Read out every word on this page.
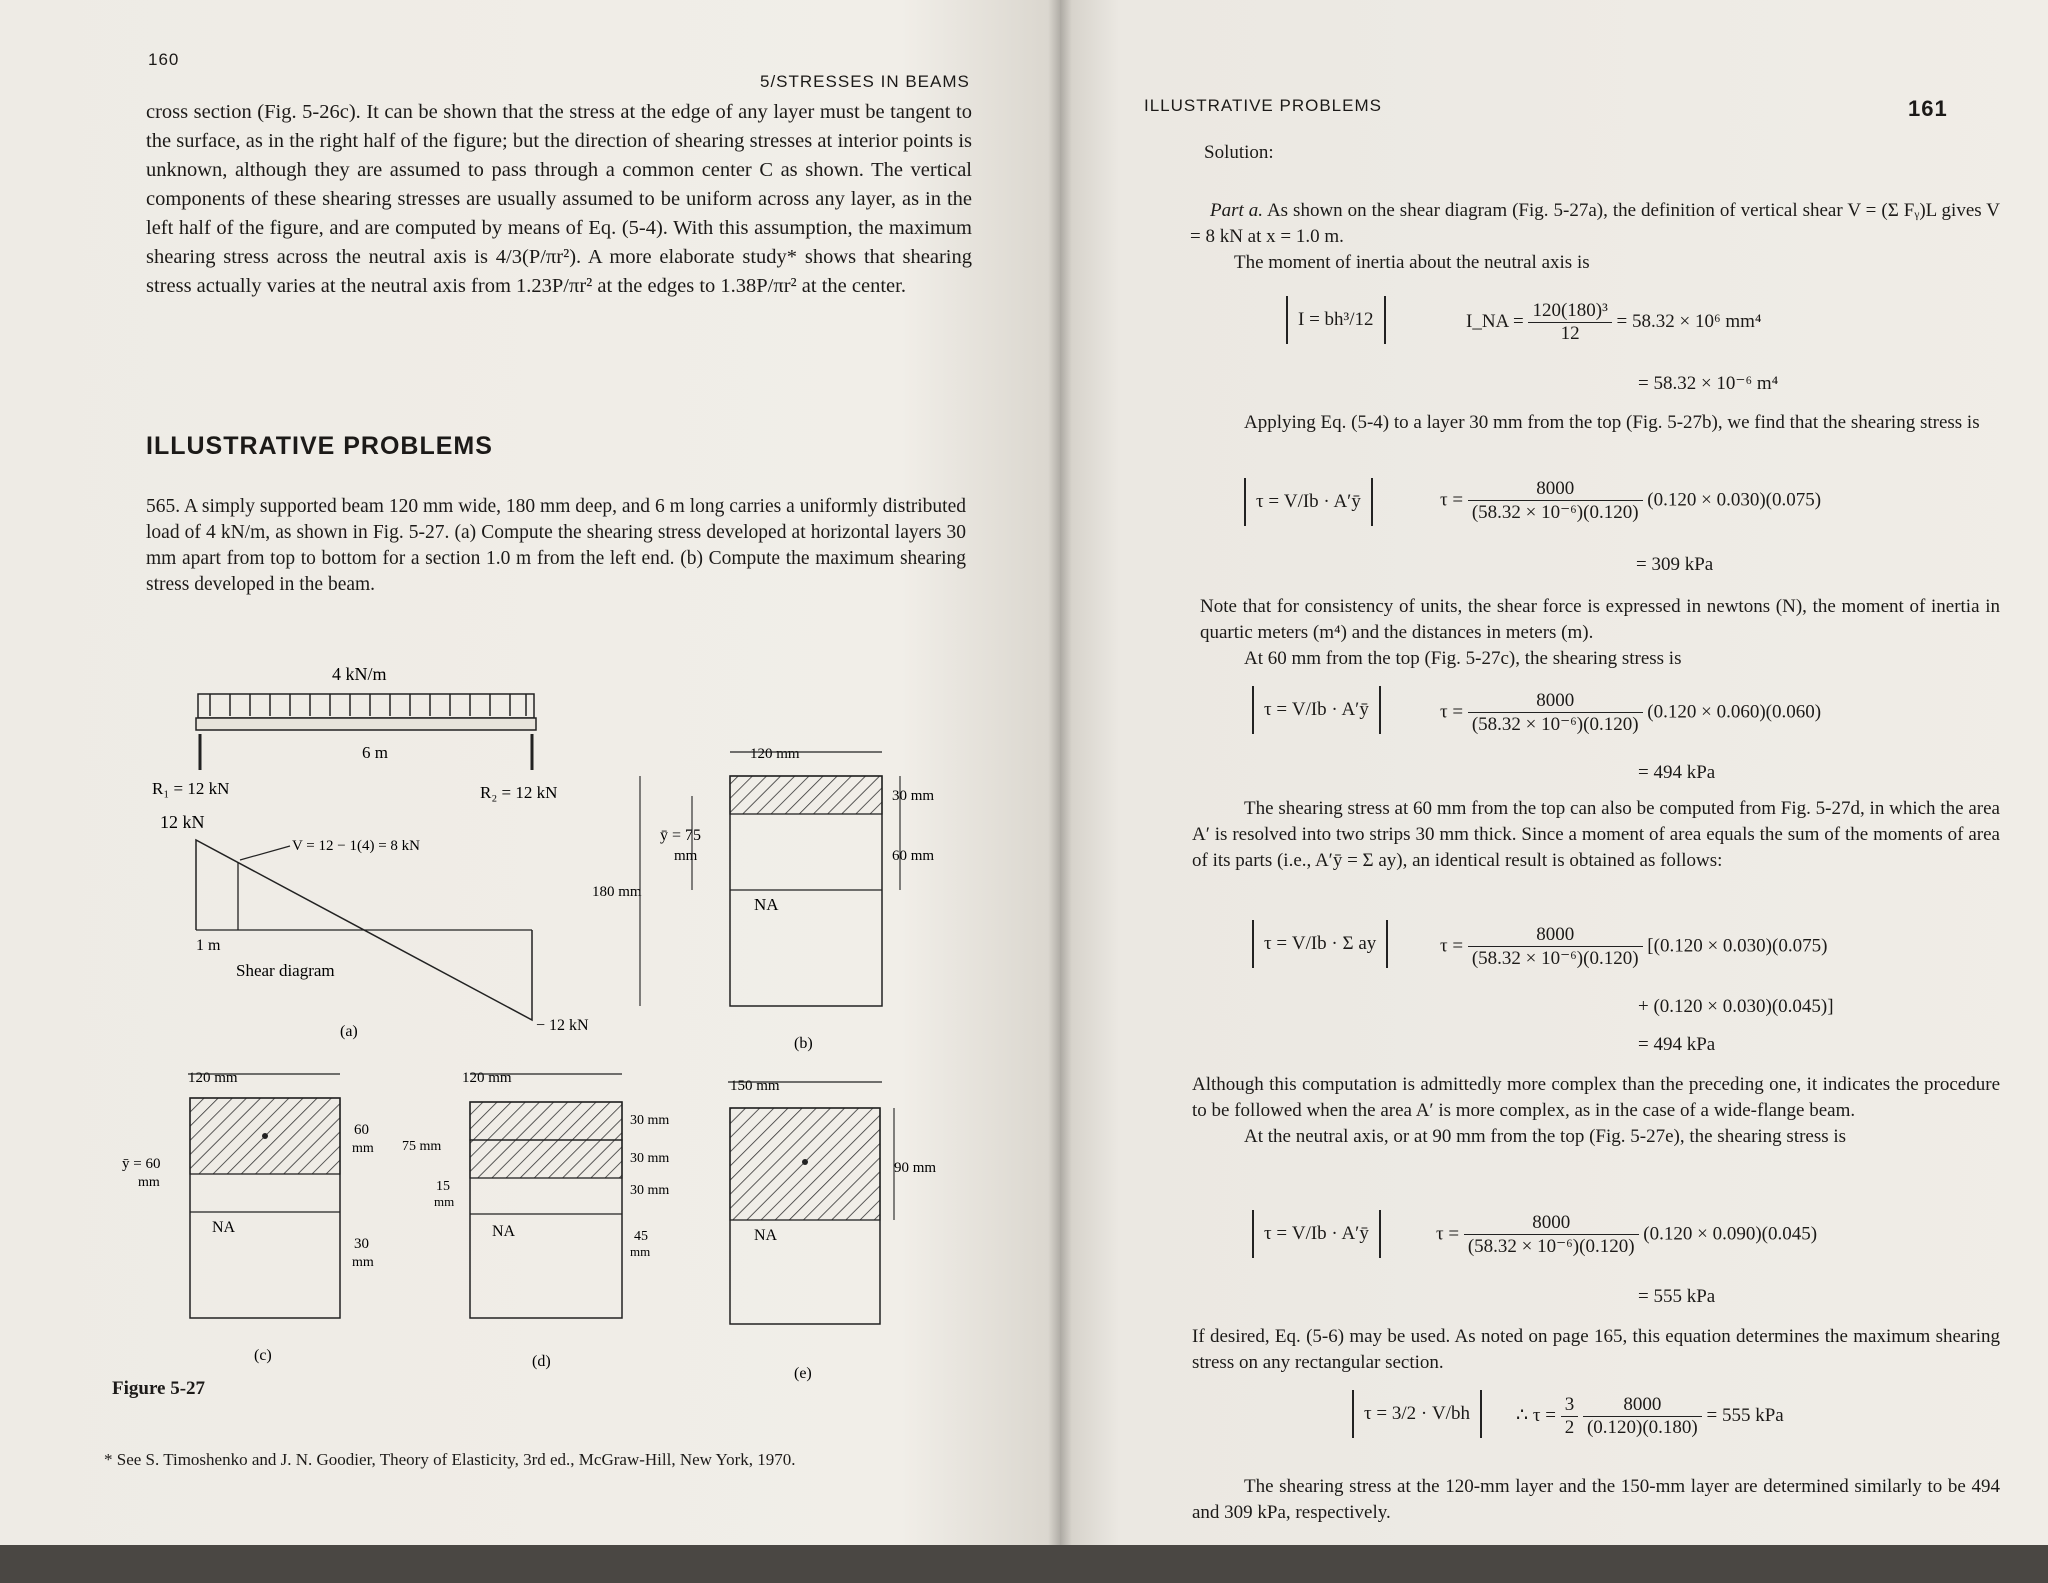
160
5/STRESSES IN BEAMS

cross section (Fig. 5-26c). It can be shown that the stress at the edge of any layer must be tangent to the surface, as in the right half of the figure; but the direction of shearing stresses at interior points is unknown, although they are assumed to pass through a common center C as shown. The vertical components of these shearing stresses are usually assumed to be uniform across any layer, as in the left half of the figure, and are computed by means of Eq. (5-4). With this assumption, the maximum shearing stress across the neutral axis is 4/3(P/πr²). A more elaborate study* shows that shearing stress actually varies at the neutral axis from 1.23P/πr² at the edges to 1.38P/πr² at the center.

ILLUSTRATIVE PROBLEMS

565. A simply supported beam 120 mm wide, 180 mm deep, and 6 m long carries a uniformly distributed load of 4 kN/m, as shown in Fig. 5-27. (a) Compute the shearing stress developed at horizontal layers 30 mm apart from top to bottom for a section 1.0 m from the left end. (b) Compute the maximum shearing stress developed in the beam.

4 kN/m
6 m
R₁ = 12 kN	R₂ = 12 kN
12 kN
V = 12 − 1(4) = 8 kN
1 m
Shear diagram
− 12 kN
(a)
120 mm
NA
ȳ = 75
mm
180 mm
30 mm
60 mm
(b)
120 mm
NA
ȳ = 60
mm
60
mm
30
mm
(c)
120 mm
NA
75 mm
15
mm
30 mm
30 mm
30 mm
45
mm
(d)
150 mm
NA
90 mm
(e)
Figure 5-27
* See S. Timoshenko and J. N. Goodier, Theory of Elasticity, 3rd ed., McGraw-Hill, New York, 1970.
ILLUSTRATIVE PROBLEMS	161
Solution:

Part a. As shown on the shear diagram (Fig. 5-27a), the definition of vertical shear V = (Σ Fᵧ)L gives V = 8 kN at x = 1.0 m.

The moment of inertia about the neutral axis is

I = bh³/12	I_NA = $\frac{\text{120(180)³}}{12} = 58.32 \times 10^6$ mm⁴
= 58.32 × 10⁻⁶ m⁴
Applying Eq. (5-4) to a layer 30 mm from the top (Fig. 5-27b), we find that the shearing stress is
τ = V/Ib · A′ȳ	$\tau = \frac{8000}{\text{(58.32 × 10⁻⁶)(0.120)}} (0.120 \times 0.030)(0.075)$
= 309 kPa

Note that for consistency of units, the shear force is expressed in newtons (N), the moment of inertia in quartic meters (m⁴) and the distances in meters (m).

At 60 mm from the top (Fig. 5-27c), the shearing stress is

τ = V/Ib · A′ȳ	$\tau = \frac{8000}{\text{(58.32 × 10⁻⁶)(0.120)}} (0.120 \times 0.060)(0.060)$
= 494 kPa
The shearing stress at 60 mm from the top can also be computed from Fig. 5-27d, in which the area A′ is resolved into two strips 30 mm thick. Since a moment of area equals the sum of the moments of area of its parts (i.e., A′ȳ = Σ ay), an identical result is obtained as follows:
τ = V/Ib · Σ ay	$\tau = \frac{8000}{\text{(58.32 × 10⁻⁶)(0.120)}} [(0.120 \times 0.030)(0.075)$
+ (0.120 × 0.030)(0.045)]
= 494 kPa

Although this computation is admittedly more complex than the preceding one, it indicates the procedure to be followed when the area A′ is more complex, as in the case of a wide-flange beam.

At the neutral axis, or at 90 mm from the top (Fig. 5-27e), the shearing stress is

τ = V/Ib · A′ȳ	$\tau = \frac{8000}{\text{(58.32 × 10⁻⁶)(0.120)}} (0.120 \times 0.090)(0.045)$
= 555 kPa
If desired, Eq. (5-6) may be used. As noted on page 165, this equation determines the maximum shearing stress on any rectangular section.
τ = 3/2 · V/bh	∴ $\tau = \frac{3}{2}$
$\frac{8000}{(0.120)(0.180)} = 555$ kPa
The shearing stress at the 120-mm layer and the 150-mm layer are determined similarly to be 494 and 309 kPa, respectively.
